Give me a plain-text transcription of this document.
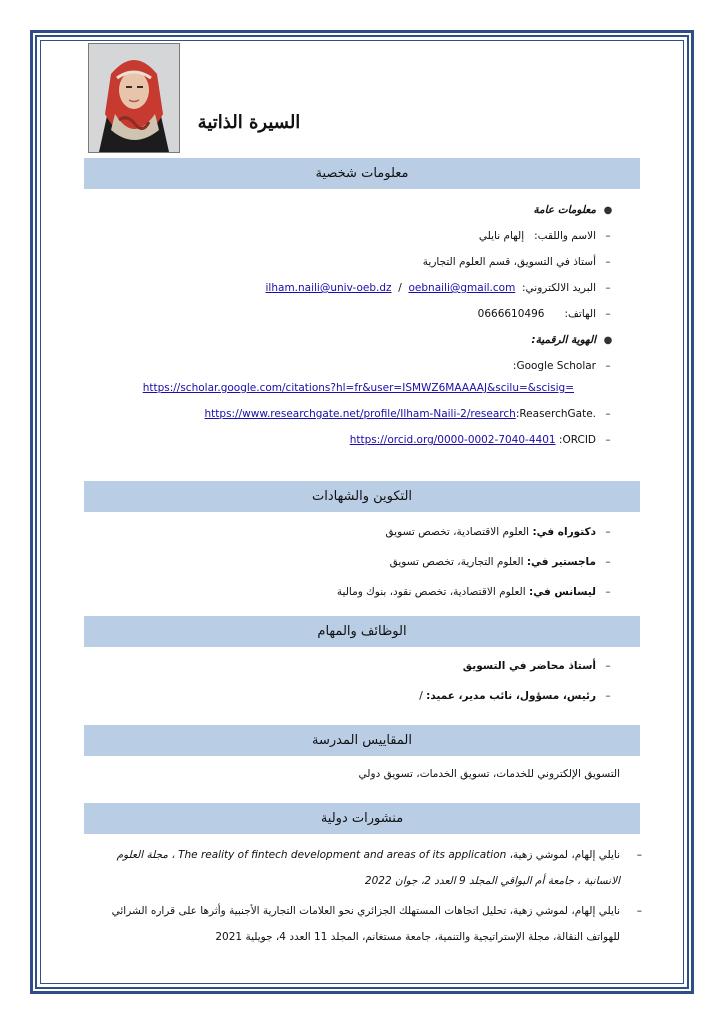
السيرة الذاتية
معلومات شخصية
●معلومات عامة
–الاسم واللقب:   إلهام نايلي
–أستاذ في التسويق، قسم العلوم التجارية
–البريد الالكتروني:  oebnaili@gmail.com  /  ilham.naili@univ-oeb.dz
–الهاتف:      0666610496
●الهوية الرقمية:
–:Google Scholar
https://scholar.google.com/citations?hl=fr&user=ISMWZ6MAAAAJ&scilu=&scisig=
–https://www.researchgate.net/profile/Ilham-Naili-2/research:ReaserchGate.
–https://orcid.org/0000-0002-7040-4401 :ORCID
التكوين والشهادات
–دكتوراه في: العلوم الاقتصادية، تخصص تسويق
–ماجستير في: العلوم التجارية، تخصص تسويق
–ليسانس في: العلوم الاقتصادية، تخصص نقود، بنوك ومالية
الوظائف والمهام
–أستاذ محاضر في التسويق
–رئيس، مسؤول، نائب مدير، عميد: /
المقاييس المدرسة
التسويق الإلكتروني للخدمات، تسويق الخدمات، تسويق دولي
منشورات دولية
–
نايلي إلهام، لموشي زهية، The reality of fintech development and areas of its application ، مجلة العلوم الانسانية ، جامعة أم البواقي المجلد 9 العدد 2، جوان 2022
–
نايلي إلهام، لموشي زهية، تحليل اتجاهات المستهلك الجزائري نحو العلامات التجارية الأجنبية وأثرها على قراره الشرائي للهواتف النقالة، مجلة الإستراتيجية والتنمية، جامعة مستغانم، المجلد 11 العدد 4، جويلية 2021
